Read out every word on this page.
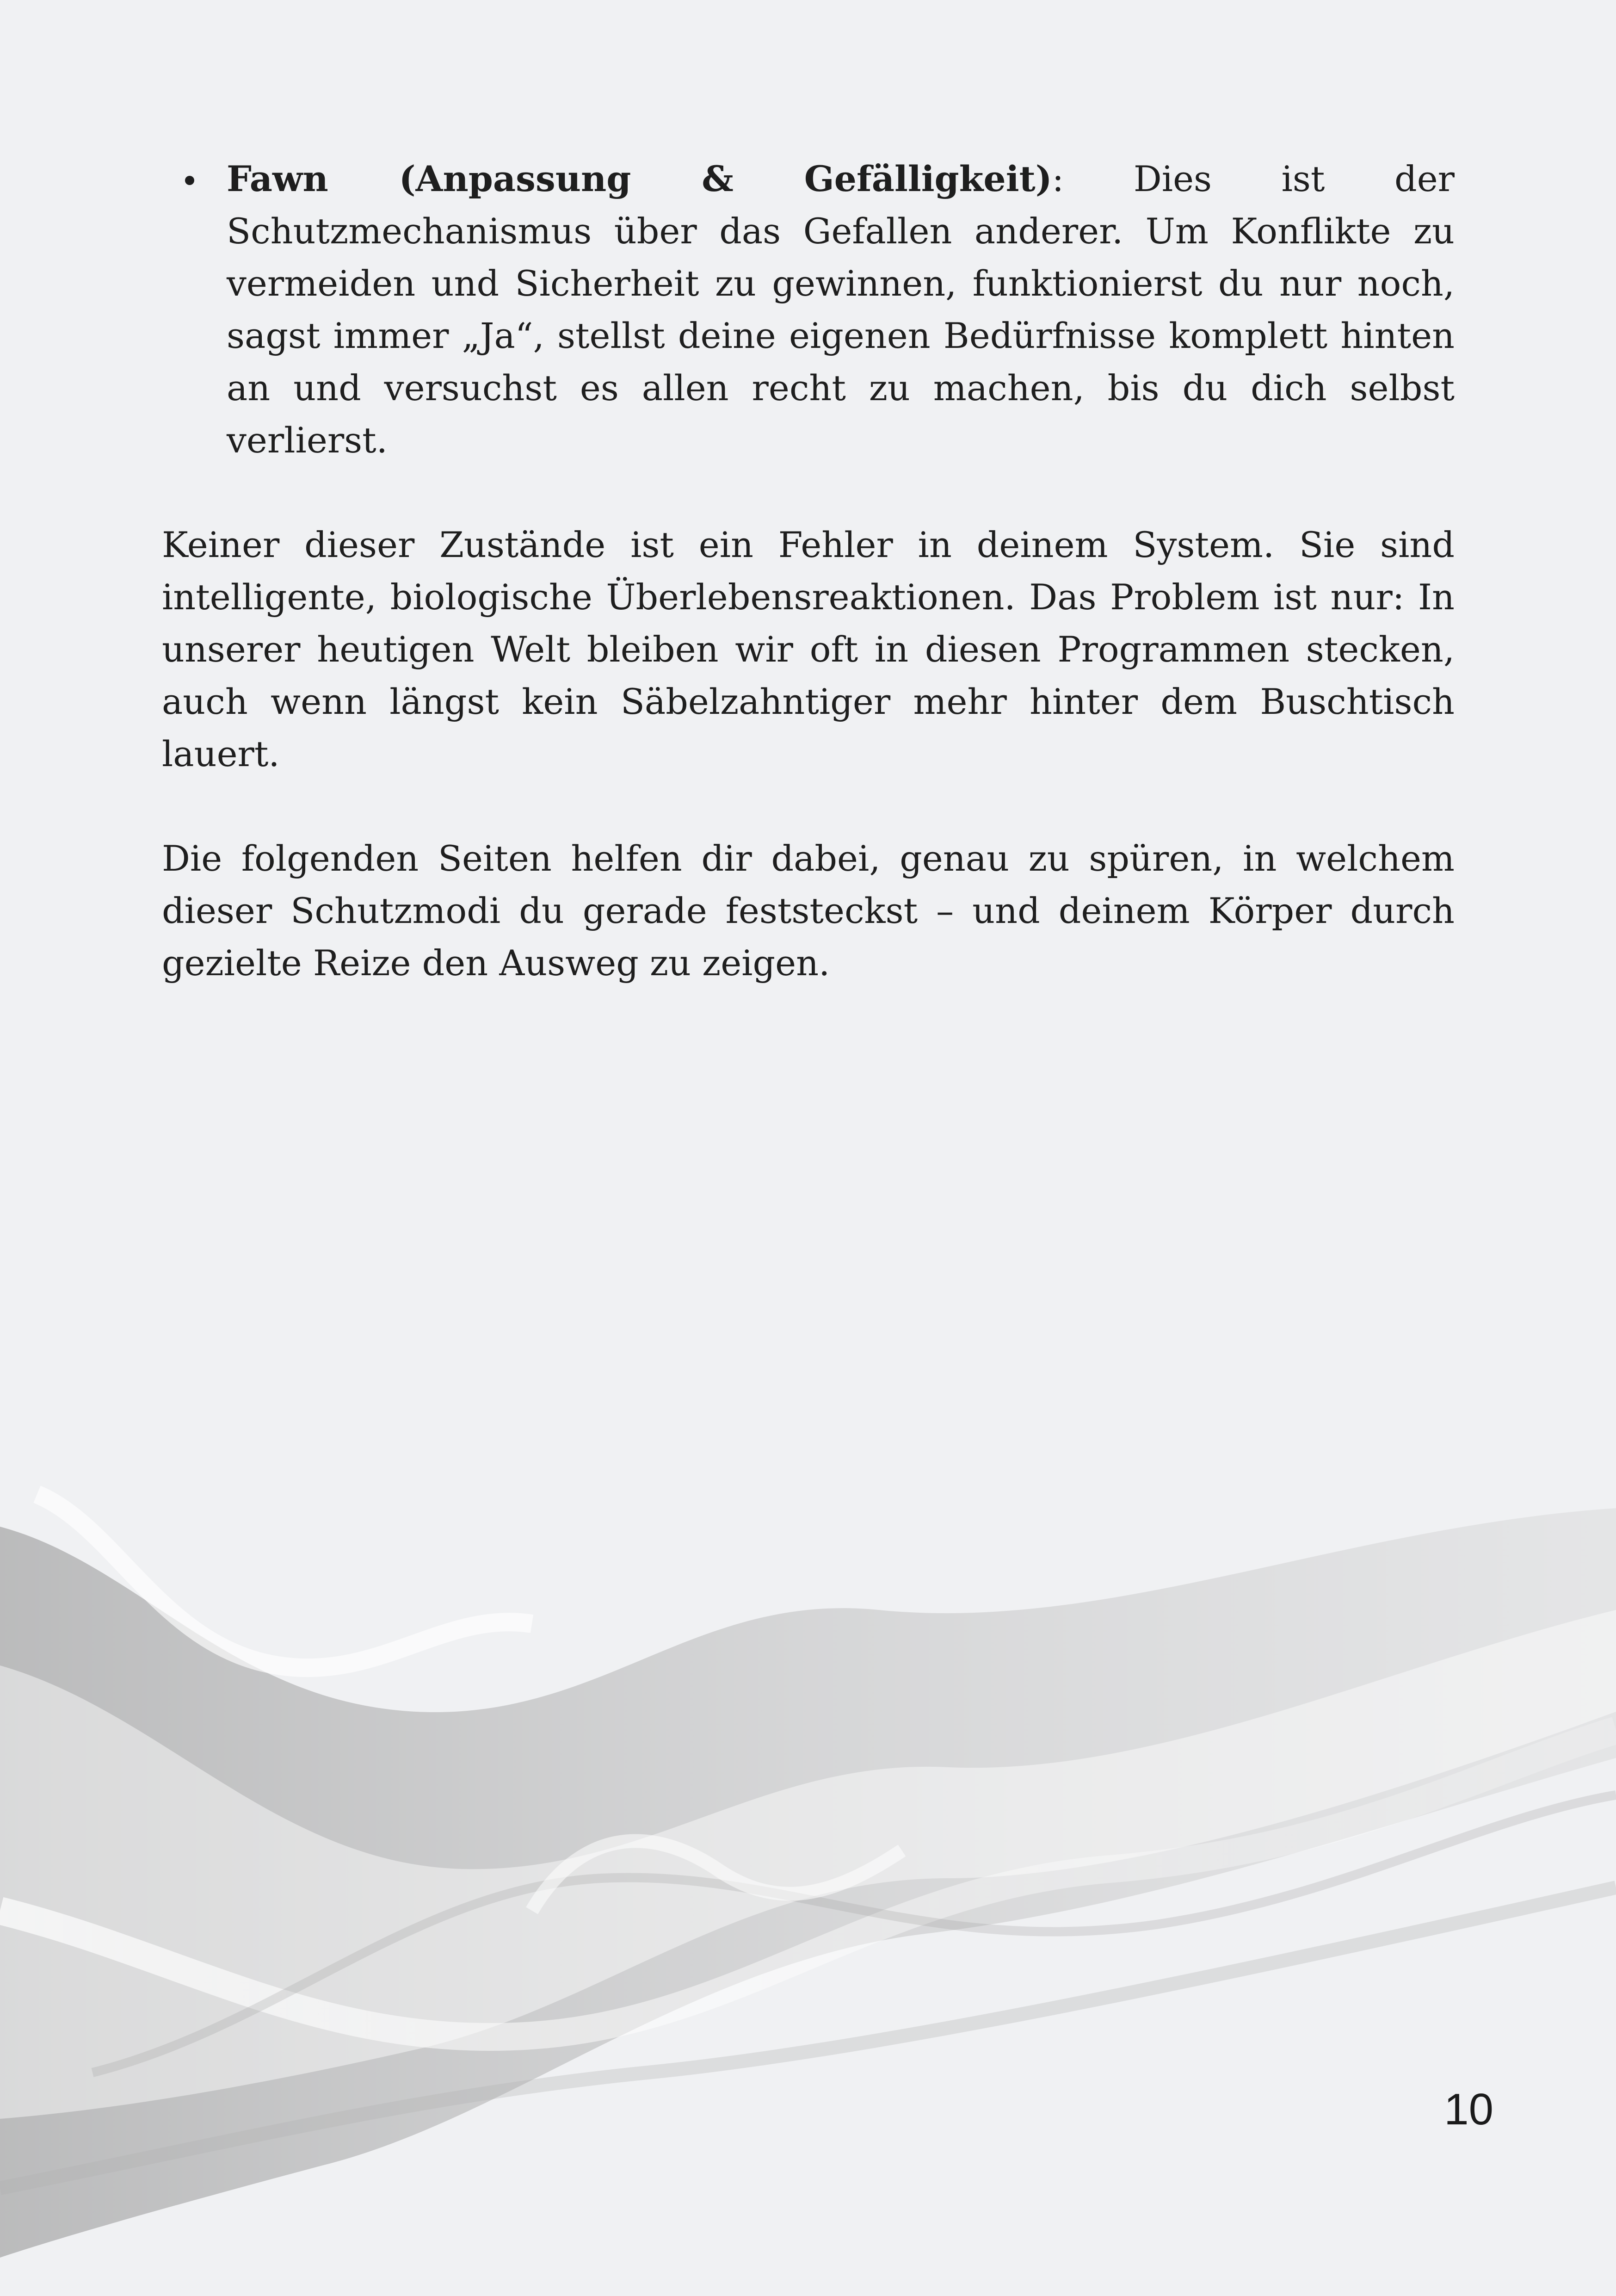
Fawn (Anpassung & Gefälligkeit): Dies ist der Schutzmechanismus über das Gefallen anderer. Um Konflikte zu vermeiden und Sicherheit zu gewinnen, funktionierst du nur noch, sagst immer „Ja“, stellst deine eigenen Bedürfnisse komplett hinten an und versuchst es allen recht zu machen, bis du dich selbst verlierst.

Keiner dieser Zustände ist ein Fehler in deinem System. Sie sind intelligente, biologische Überlebensreaktionen. Das Problem ist nur: In unserer heutigen Welt bleiben wir oft in diesen Programmen stecken, auch wenn längst kein Säbelzahntiger mehr hinter dem Buschtisch lauert.

Die folgenden Seiten helfen dir dabei, genau zu spüren, in welchem dieser Schutzmodi du gerade feststeckst – und deinem Körper durch gezielte Reize den Ausweg zu zeigen.

10
